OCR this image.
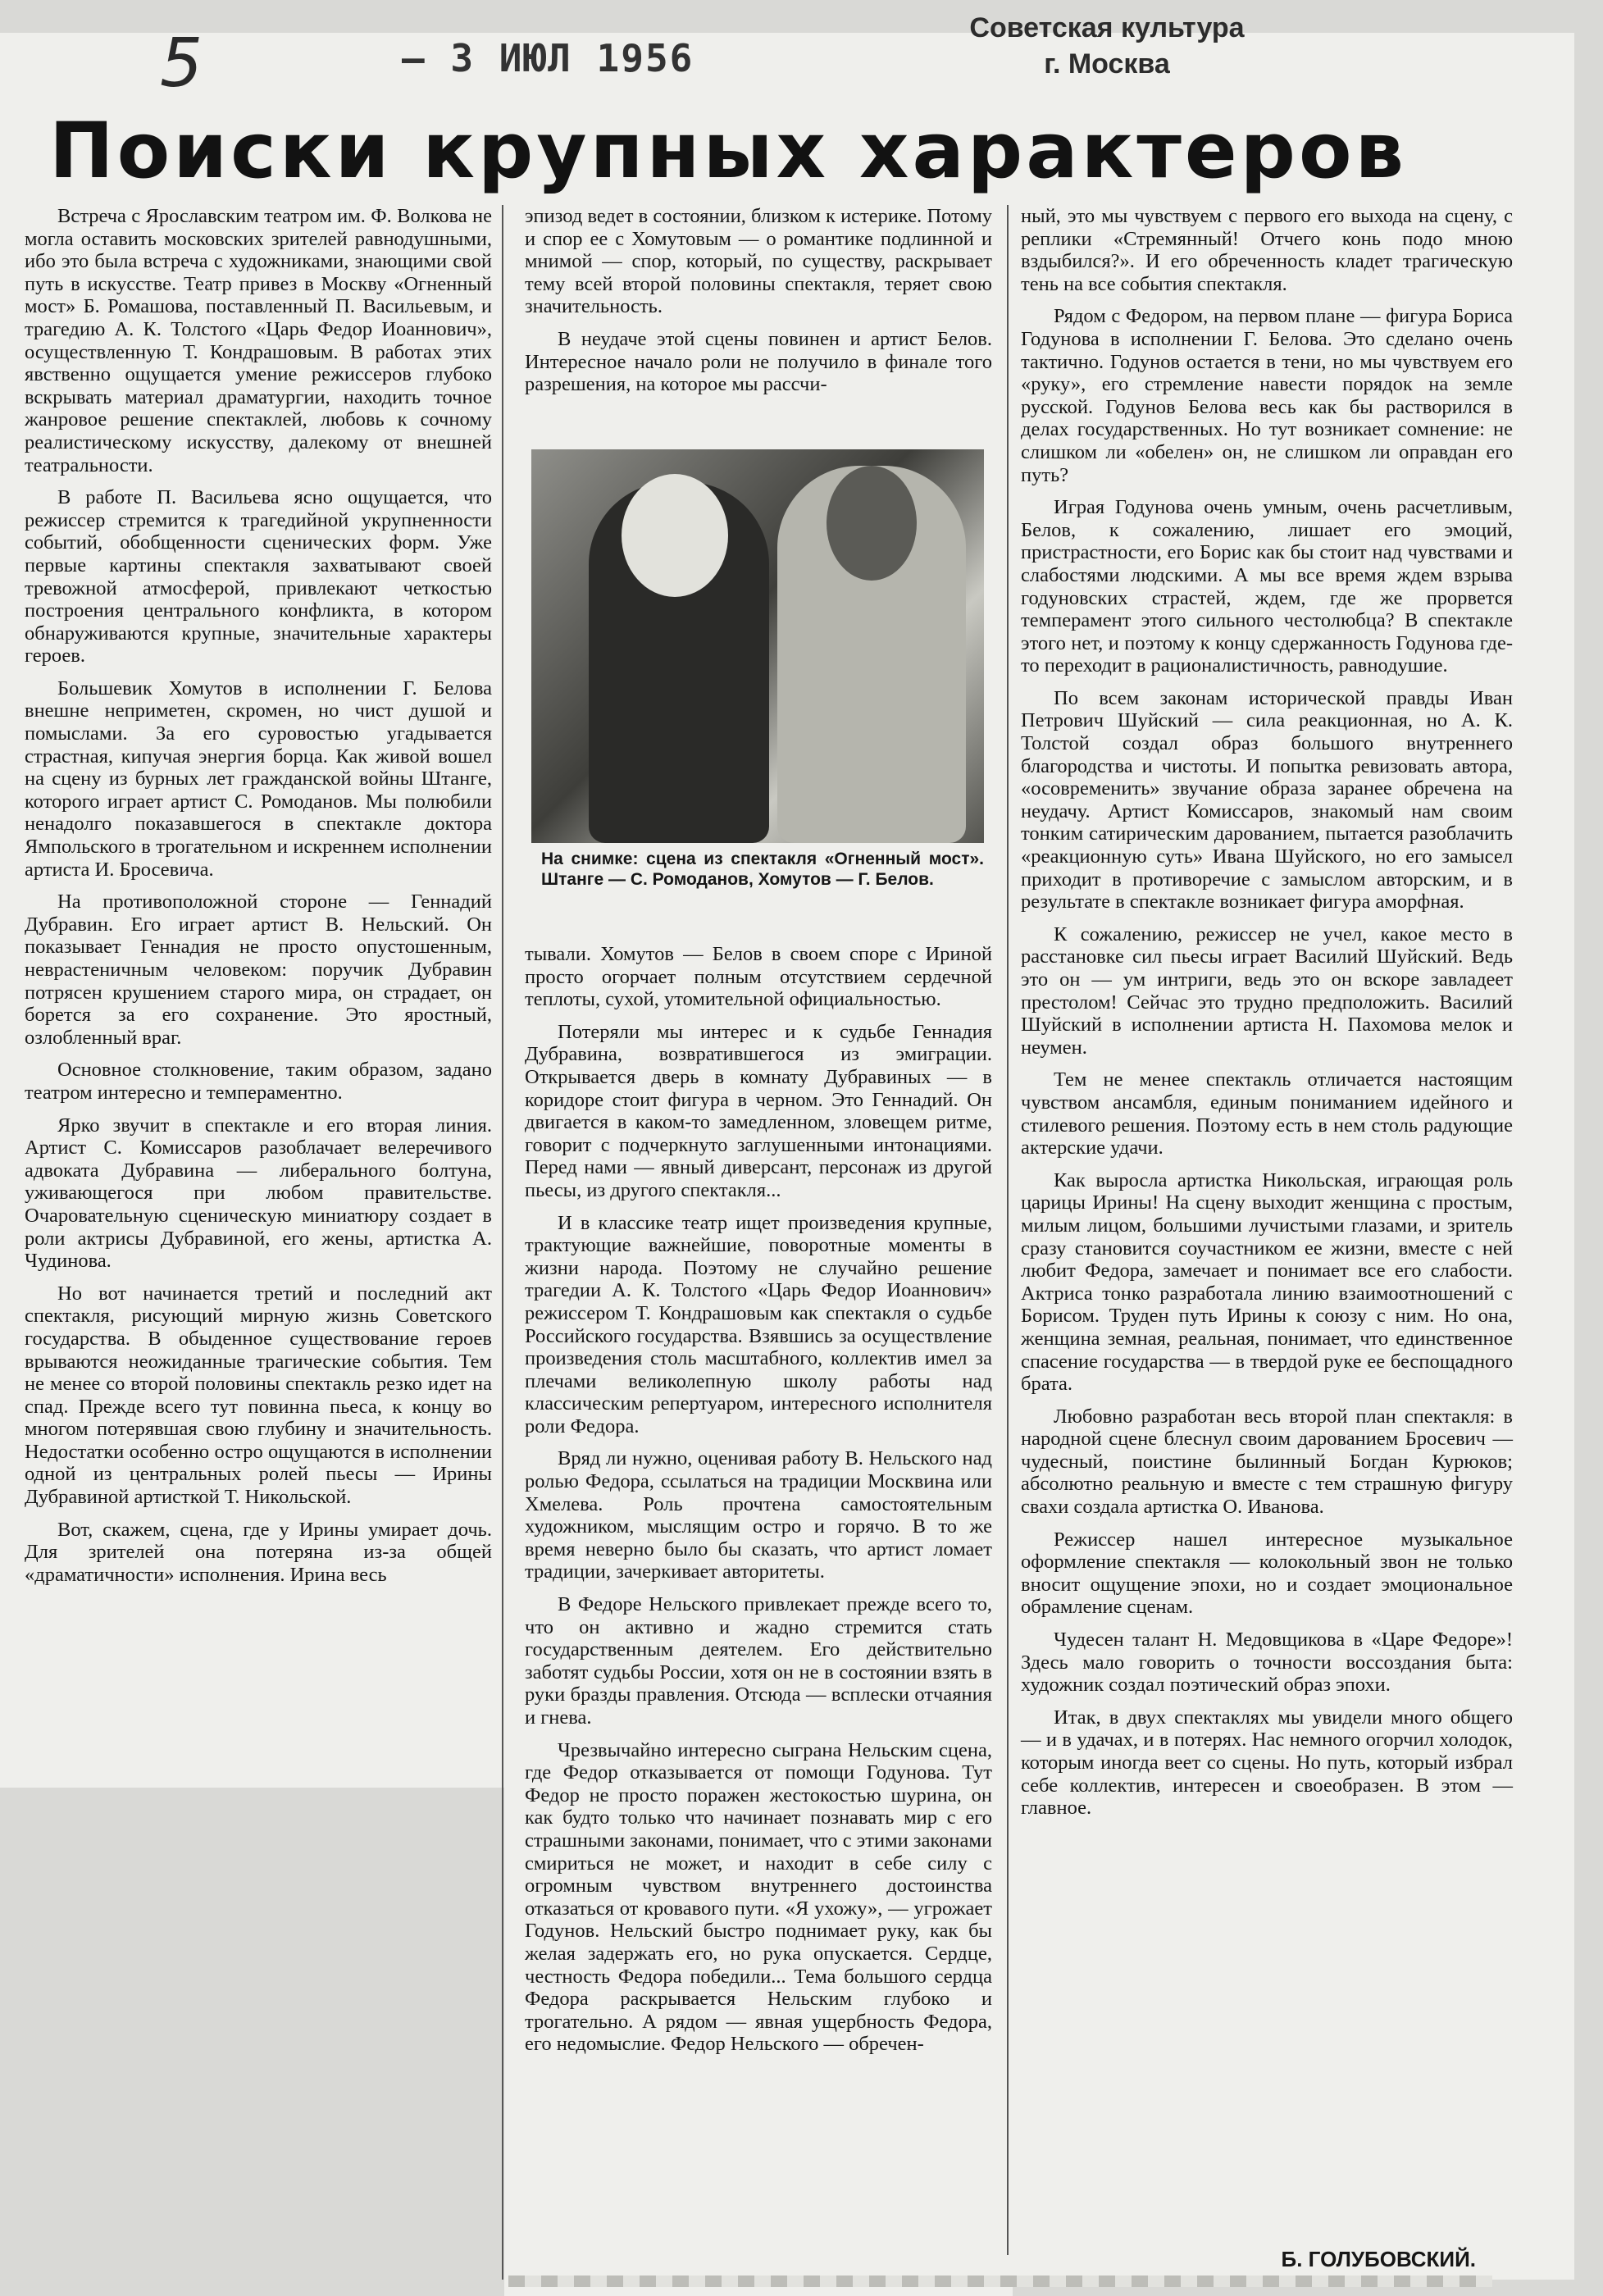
5	– 3 ИЮЛ 1956
Советская культура
г. Москва
Поиски крупных характеров

Встреча с Ярославским театром им. Ф. Волкова не могла оставить московских зрителей равнодушными, ибо это была встреча с художниками, знающими свой путь в искусстве. Театр привез в Москву «Огненный мост» Б. Ромашова, поставленный П. Васильевым, и трагедию А. К. Толстого «Царь Федор Иоаннович», осуществленную Т. Кондрашовым. В работах этих явственно ощущается умение режиссеров глубоко вскрывать материал драматургии, находить точное жанровое решение спектаклей, любовь к сочному реалистическому искусству, далекому от внешней театральности.

В работе П. Васильева ясно ощущается, что режиссер стремится к трагедийной укрупненности событий, обобщенности сценических форм. Уже первые картины спектакля захватывают своей тревожной атмосферой, привлекают четкостью построения центрального конфликта, в котором обнаруживаются крупные, значительные характеры героев.

Большевик Хомутов в исполнении Г. Белова внешне неприметен, скромен, но чист душой и помыслами. За его суровостью угадывается страстная, кипучая энергия борца. Как живой вошел на сцену из бурных лет гражданской войны Штанге, которого играет артист С. Ромоданов. Мы полюбили ненадолго показавшегося в спектакле доктора Ямпольского в трогательном и искреннем исполнении артиста И. Бросевича.

На противоположной стороне — Геннадий Дубравин. Его играет артист В. Нельский. Он показывает Геннадия не просто опустошенным, неврастеничным человеком: поручик Дубравин потрясен крушением старого мира, он страдает, он борется за его сохранение. Это яростный, озлобленный враг.

Основное столкновение, таким образом, задано театром интересно и темпераментно.

Ярко звучит в спектакле и его вторая линия. Артист С. Комиссаров разоблачает велеречивого адвоката Дубравина — либерального болтуна, уживающегося при любом правительстве. Очаровательную сценическую миниатюру создает в роли актрисы Дубравиной, его жены, артистка А. Чудинова.

Но вот начинается третий и последний акт спектакля, рисующий мирную жизнь Советского государства. В обыденное существование героев врываются неожиданные трагические события. Тем не менее со второй половины спектакль резко идет на спад. Прежде всего тут повинна пьеса, к концу во многом потерявшая свою глубину и значительность. Недостатки особенно остро ощущаются в исполнении одной из центральных ролей пьесы — Ирины Дубравиной артисткой Т. Никольской.

Вот, скажем, сцена, где у Ирины умирает дочь. Для зрителей она потеряна из-за общей «драматичности» исполнения. Ирина весь

эпизод ведет в состоянии, близком к истерике. Потому и спор ее с Хомутовым — о романтике подлинной и мнимой — спор, который, по существу, раскрывает тему всей второй половины спектакля, теряет свою значительность.

В неудаче этой сцены повинен и артист Белов. Интересное начало роли не получило в финале того разрешения, на которое мы рассчи-

На снимке: сцена из спектакля «Огненный мост». Штанге — С. Ромоданов, Хомутов — Г. Белов.

тывали. Хомутов — Белов в своем споре с Ириной просто огорчает полным отсутствием сердечной теплоты, сухой, утомительной официальностью.

Потеряли мы интерес и к судьбе Геннадия Дубравина, возвратившегося из эмиграции. Открывается дверь в комнату Дубравиных — в коридоре стоит фигура в черном. Это Геннадий. Он двигается в каком-то замедленном, зловещем ритме, говорит с подчеркнуто заглушенными интонациями. Перед нами — явный диверсант, персонаж из другой пьесы, из другого спектакля...

И в классике театр ищет произведения крупные, трактующие важнейшие, поворотные моменты в жизни народа. Поэтому не случайно решение трагедии А. К. Толстого «Царь Федор Иоаннович» режиссером Т. Кондрашовым как спектакля о судьбе Российского государства. Взявшись за осуществление произведения столь масштабного, коллектив имел за плечами великолепную школу работы над классическим репертуаром, интересного исполнителя роли Федора.

Вряд ли нужно, оценивая работу В. Нельского над ролью Федора, ссылаться на традиции Москвина или Хмелева. Роль прочтена самостоятельным художником, мыслящим остро и горячо. В то же время неверно было бы сказать, что артист ломает традиции, зачеркивает авторитеты.

В Федоре Нельского привлекает прежде всего то, что он активно и жадно стремится стать государственным деятелем. Его действительно заботят судьбы России, хотя он не в состоянии взять в руки бразды правления. Отсюда — всплески отчаяния и гнева.

Чрезвычайно интересно сыграна Нельским сцена, где Федор отказывается от помощи Годунова. Тут Федор не просто поражен жестокостью шурина, он как будто только что начинает познавать мир с его страшными законами, понимает, что с этими законами смириться не может, и находит в себе силу с огромным чувством внутреннего достоинства отказаться от кровавого пути. «Я ухожу», — угрожает Годунов. Нельский быстро поднимает руку, как бы желая задержать его, но рука опускается. Сердце, честность Федора победили... Тема большого сердца Федора раскрывается Нельским глубоко и трогательно. А рядом — явная ущербность Федора, его недомыслие. Федор Нельского — обречен-

ный, это мы чувствуем с первого его выхода на сцену, с реплики «Стремянный! Отчего конь подо мною вздыбился?». И его обреченность кладет трагическую тень на все события спектакля.

Рядом с Федором, на первом плане — фигура Бориса Годунова в исполнении Г. Белова. Это сделано очень тактично. Годунов остается в тени, но мы чувствуем его «руку», его стремление навести порядок на земле русской. Годунов Белова весь как бы растворился в делах государственных. Но тут возникает сомнение: не слишком ли «обелен» он, не слишком ли оправдан его путь?

Играя Годунова очень умным, очень расчетливым, Белов, к сожалению, лишает его эмоций, пристрастности, его Борис как бы стоит над чувствами и слабостями людскими. А мы все время ждем взрыва годуновских страстей, ждем, где же прорвется темперамент этого сильного честолюбца? В спектакле этого нет, и поэтому к концу сдержанность Годунова где-то переходит в рационалистичность, равнодушие.

По всем законам исторической правды Иван Петрович Шуйский — сила реакционная, но А. К. Толстой создал образ большого внутреннего благородства и чистоты. И попытка ревизовать автора, «осовременить» звучание образа заранее обречена на неудачу. Артист Комиссаров, знакомый нам своим тонким сатирическим дарованием, пытается разоблачить «реакционную суть» Ивана Шуйского, но его замысел приходит в противоречие с замыслом авторским, и в результате в спектакле возникает фигура аморфная.

К сожалению, режиссер не учел, какое место в расстановке сил пьесы играет Василий Шуйский. Ведь это он — ум интриги, ведь это он вскоре завладеет престолом! Сейчас это трудно предположить. Василий Шуйский в исполнении артиста Н. Пахомова мелок и неумен.

Тем не менее спектакль отличается настоящим чувством ансамбля, единым пониманием идейного и стилевого решения. Поэтому есть в нем столь радующие актерские удачи.

Как выросла артистка Никольская, играющая роль царицы Ирины! На сцену выходит женщина с простым, милым лицом, большими лучистыми глазами, и зритель сразу становится соучастником ее жизни, вместе с ней любит Федора, замечает и понимает все его слабости. Актриса тонко разработала линию взаимоотношений с Борисом. Труден путь Ирины к союзу с ним. Но она, женщина земная, реальная, понимает, что единственное спасение государства — в твердой руке ее беспощадного брата.

Любовно разработан весь второй план спектакля: в народной сцене блеснул своим дарованием Бросевич — чудесный, поистине былинный Богдан Курюков; абсолютно реальную и вместе с тем страшную фигуру свахи создала артистка О. Иванова.

Режиссер нашел интересное музыкальное оформление спектакля — колокольный звон не только вносит ощущение эпохи, но и создает эмоциональное обрамление сценам.

Чудесен талант Н. Медовщикова в «Царе Федоре»! Здесь мало говорить о точности воссоздания быта: художник создал поэтический образ эпохи.

Итак, в двух спектаклях мы увидели много общего — и в удачах, и в потерях. Нас немного огорчил холодок, которым иногда веет со сцены. Но путь, который избрал себе коллектив, интересен и своеобразен. В этом — главное.

Б. ГОЛУБОВСКИЙ.
